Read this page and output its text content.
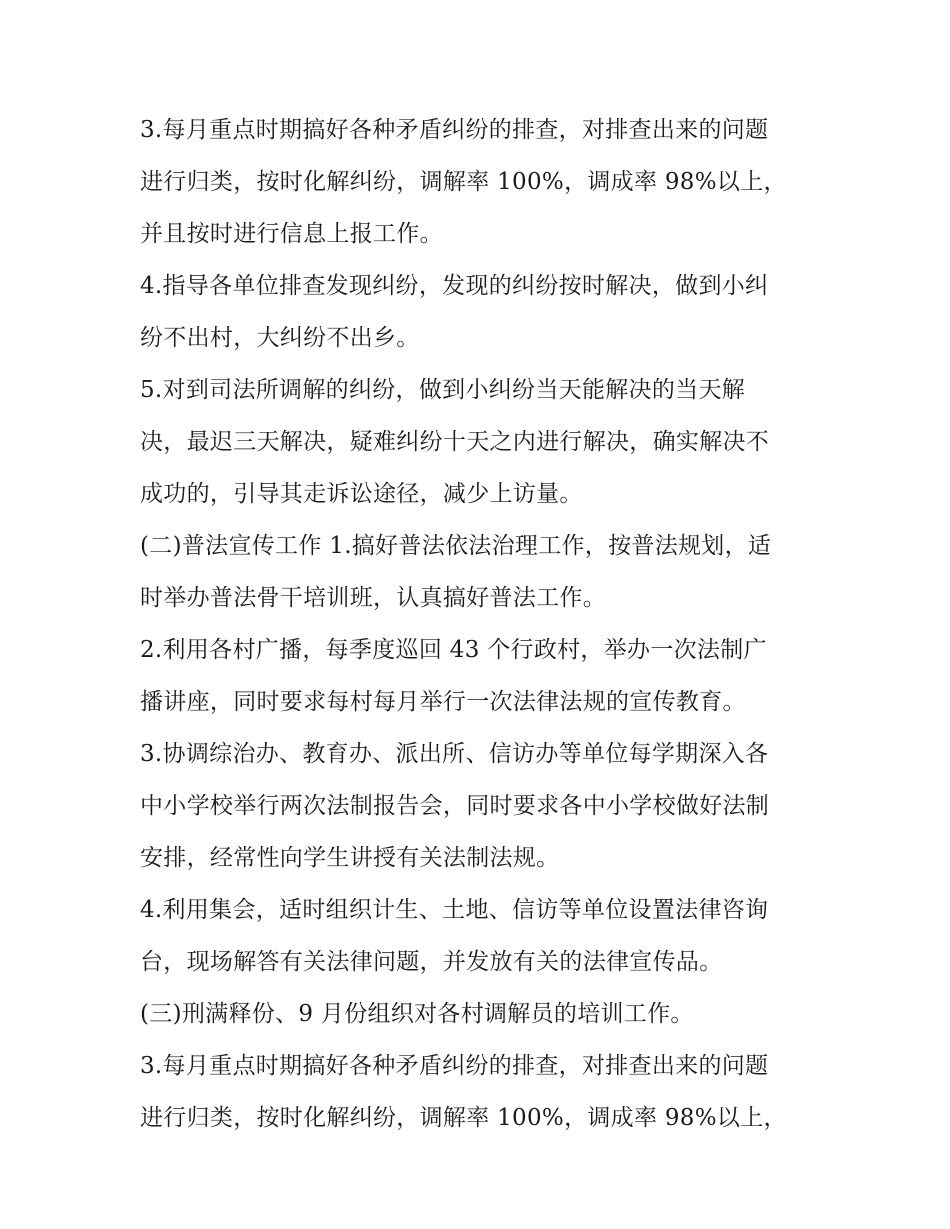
3.每月重点时期搞好各种矛盾纠纷的排查，对排查出来的问题
进行归类，按时化解纠纷，调解率 100%，调成率 98%以上，
并且按时进行信息上报工作。
4.指导各单位排查发现纠纷，发现的纠纷按时解决，做到小纠
纷不出村，大纠纷不出乡。
5.对到司法所调解的纠纷，做到小纠纷当天能解决的当天解
决，最迟三天解决，疑难纠纷十天之内进行解决，确实解决不
成功的，引导其走诉讼途径，减少上访量。
(二)普法宣传工作 1.搞好普法依法治理工作，按普法规划，适
时举办普法骨干培训班，认真搞好普法工作。
2.利用各村广播，每季度巡回 43 个行政村，举办一次法制广
播讲座，同时要求每村每月举行一次法律法规的宣传教育。
3.协调综治办、教育办、派出所、信访办等单位每学期深入各
中小学校举行两次法制报告会，同时要求各中小学校做好法制
安排，经常性向学生讲授有关法制法规。
4.利用集会，适时组织计生、土地、信访等单位设置法律咨询
台，现场解答有关法律问题，并发放有关的法律宣传品。
(三)刑满释份、9 月份组织对各村调解员的培训工作。
3.每月重点时期搞好各种矛盾纠纷的排查，对排查出来的问题
进行归类，按时化解纠纷，调解率 100%，调成率 98%以上，
